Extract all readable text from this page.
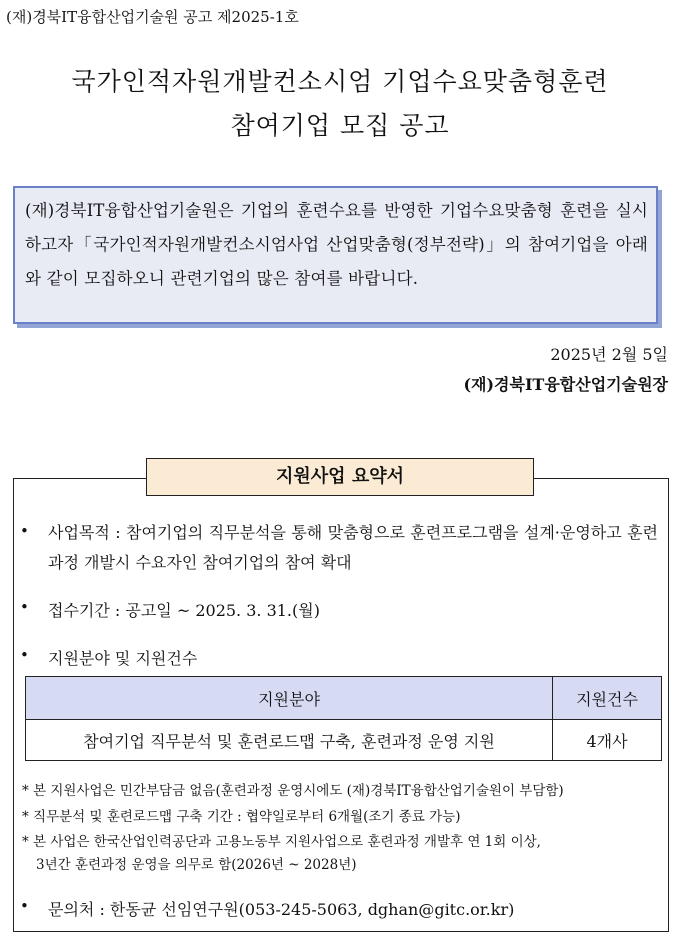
(재)경북IT융합산업기술원 공고 제2025-1호
국가인적자원개발컨소시엄 기업수요맞춤형훈련
참여기업 모집 공고
(재)경북IT융합산업기술원은 기업의 훈련수요를 반영한 기업수요맞춤형 훈련을 실시하고자「국가인적자원개발컨소시엄사업 산업맞춤형(정부전략)」의 참여기업을 아래와 같이 모집하오니 관련기업의 많은 참여를 바랍니다.
2025년 2월 5일
(재)경북IT융합산업기술원장
지원사업 요약서
• 사업목적 : 참여기업의 직무분석을 통해 맞춤형으로 훈련프로그램을 설계·운영하고 훈련과정 개발시 수요자인 참여기업의 참여 확대
• 접수기간 : 공고일 ~ 2025. 3. 31.(월)
• 지원분야 및 지원건수
지원분야	지원건수
참여기업 직무분석 및 훈련로드맵 구축, 훈련과정 운영 지원	4개사
* 본 지원사업은 민간부담금 없음(훈련과정 운영시에도 (재)경북IT융합산업기술원이 부담함)
* 직무분석 및 훈련로드맵 구축 기간 : 협약일로부터 6개월(조기 종료 가능)
* 본 사업은 한국산업인력공단과 고용노동부 지원사업으로 훈련과정 개발후 연 1회 이상,
3년간 훈련과정 운영을 의무로 함(2026년 ~ 2028년)
• 문의처 : 한동균 선임연구원(053-245-5063, dghan@gitc.or.kr)
